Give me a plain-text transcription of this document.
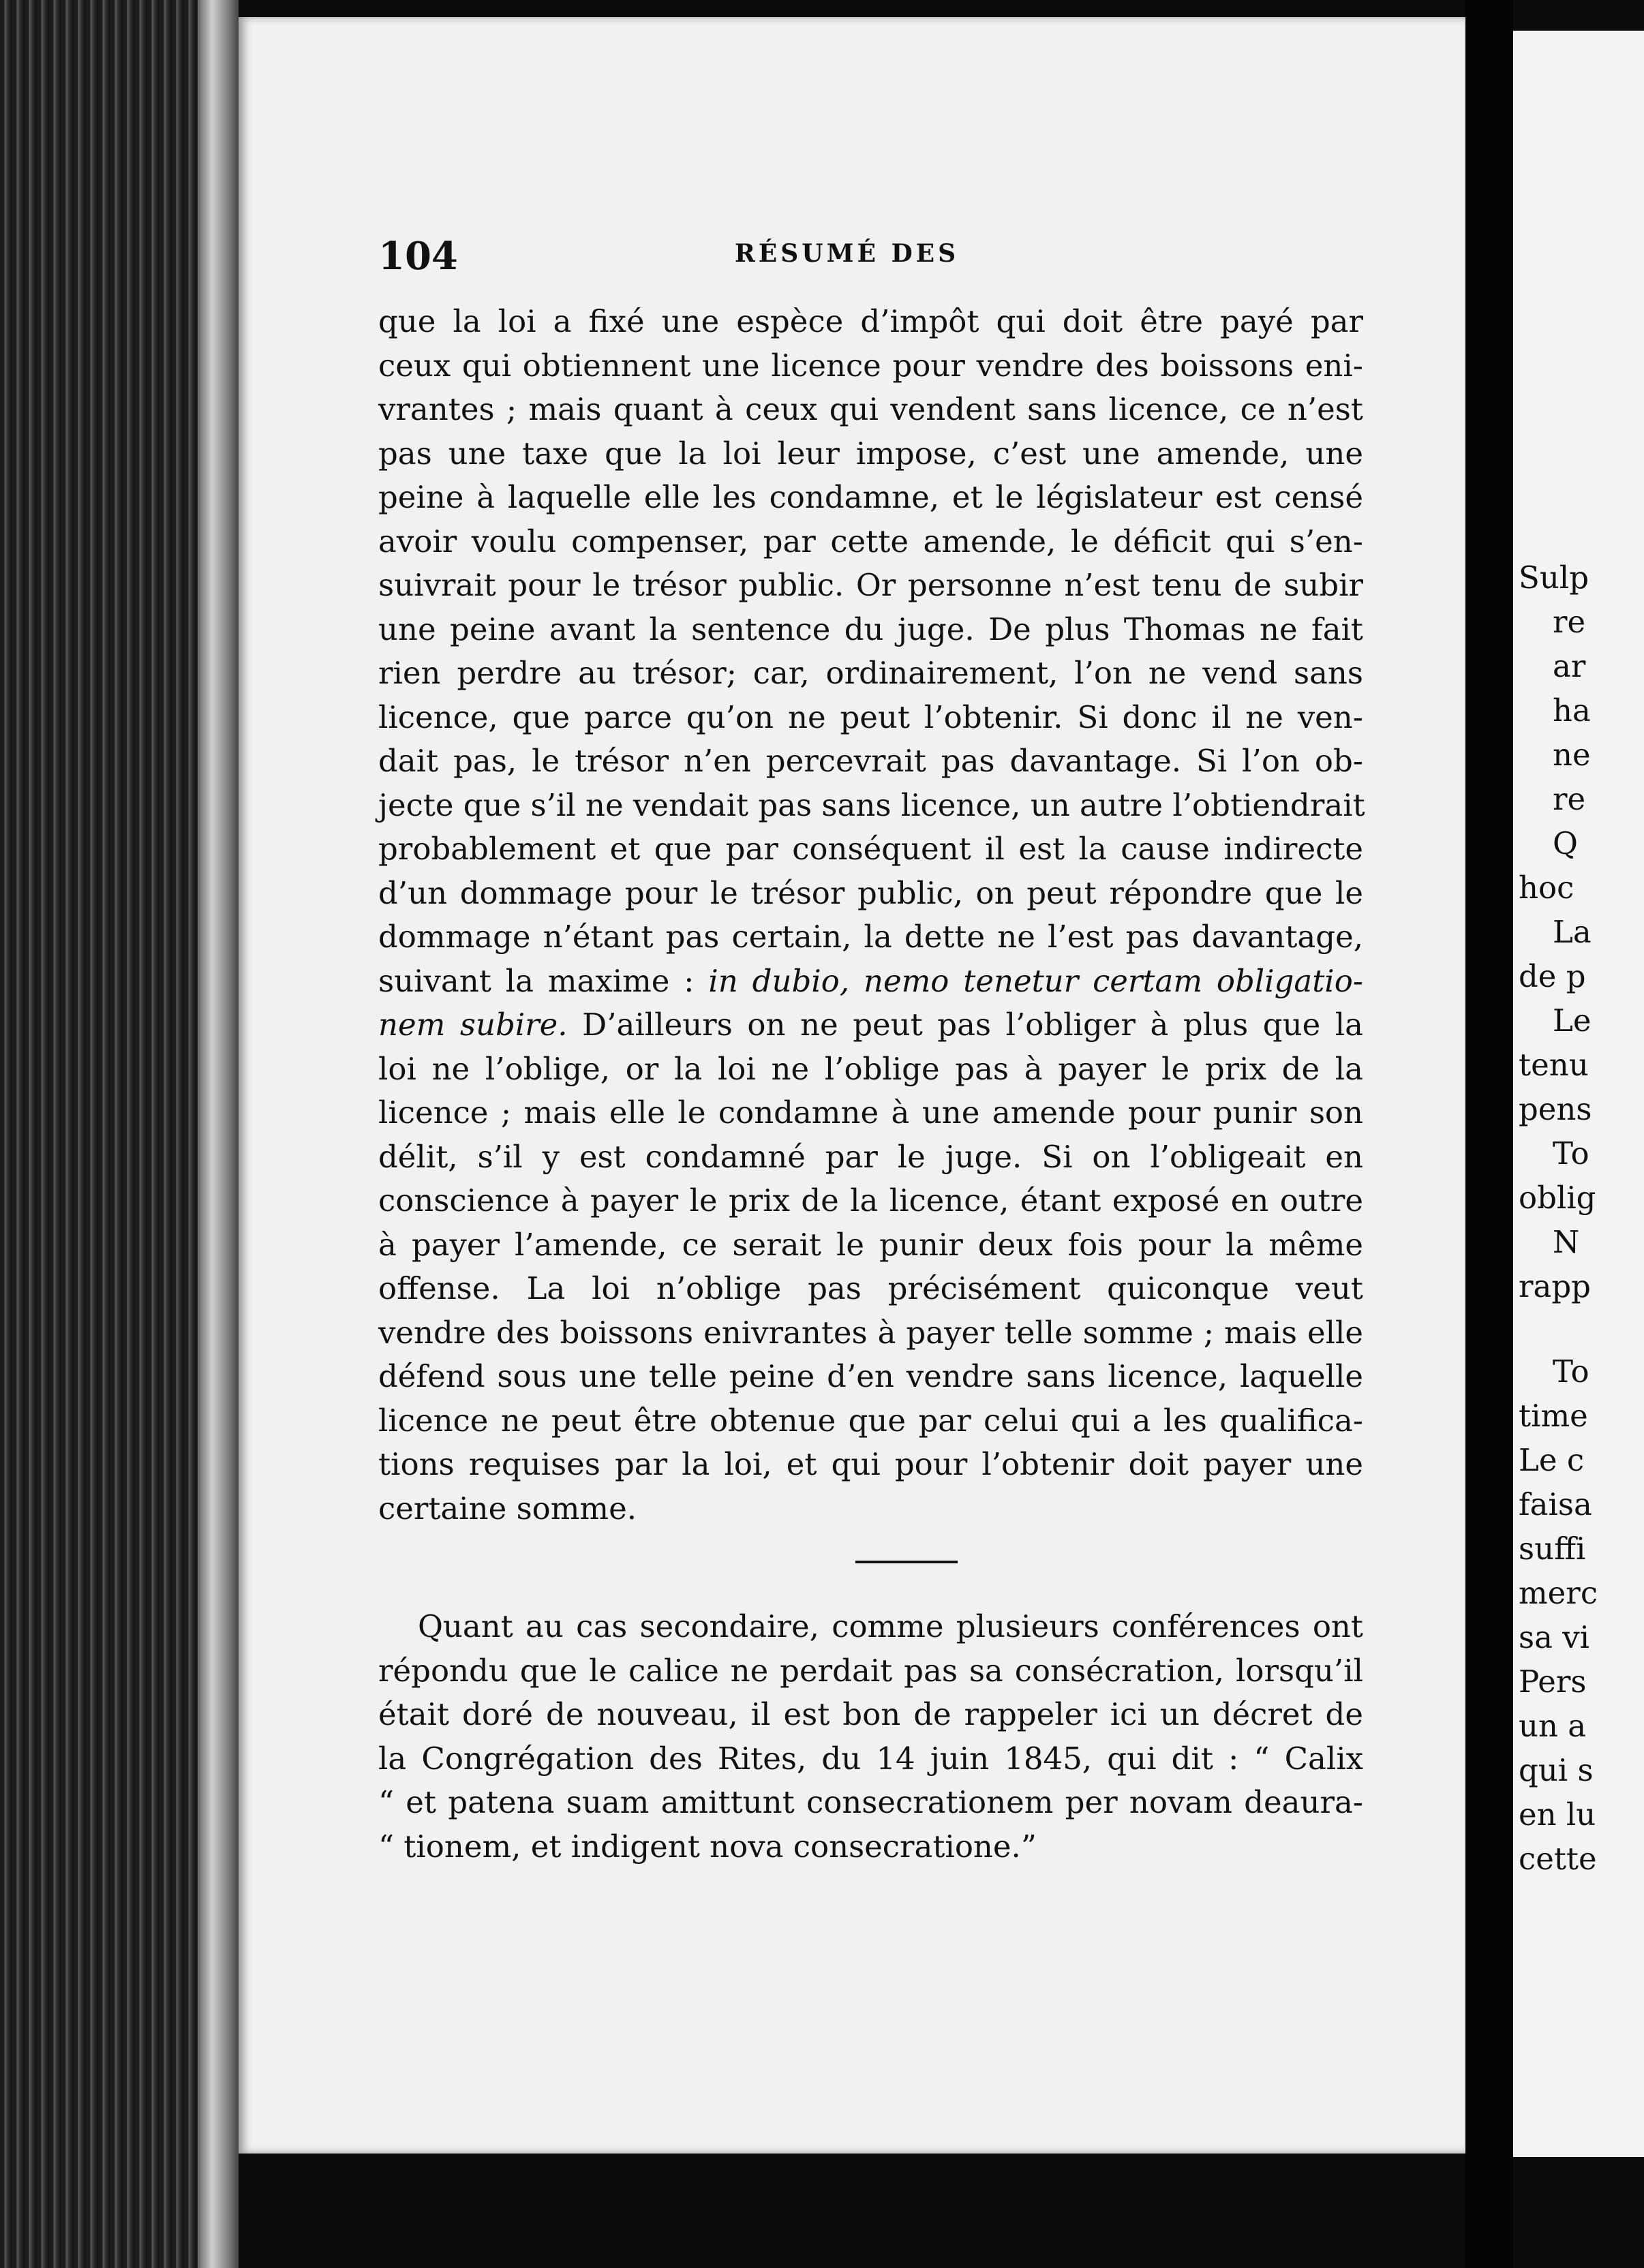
104	RÉSUMÉ DES
que la loi a fixé une espèce d’impôt qui doit être payé par
ceux qui obtiennent une licence pour vendre des boissons eni-
vrantes ; mais quant à ceux qui vendent sans licence, ce n’est
pas une taxe que la loi leur impose, c’est une amende, une
peine à laquelle elle les condamne, et le législateur est censé
avoir voulu compenser, par cette amende, le déficit qui s’en-
suivrait pour le trésor public. Or personne n’est tenu de subir
une peine avant la sentence du juge. De plus Thomas ne fait
rien perdre au trésor; car, ordinairement, l’on ne vend sans
licence, que parce qu’on ne peut l’obtenir. Si donc il ne ven-
dait pas, le trésor n’en percevrait pas davantage. Si l’on ob-
jecte que s’il ne vendait pas sans licence, un autre l’obtiendrait
probablement et que par conséquent il est la cause indirecte
d’un dommage pour le trésor public, on peut répondre que le
dommage n’étant pas certain, la dette ne l’est pas davantage,
suivant la maxime : in dubio, nemo tenetur certam obligatio-
nem subire. D’ailleurs on ne peut pas l’obliger à plus que la
loi ne l’oblige, or la loi ne l’oblige pas à payer le prix de la
licence ; mais elle le condamne à une amende pour punir son
délit, s’il y est condamné par le juge. Si on l’obligeait en
conscience à payer le prix de la licence, étant exposé en outre
à payer l’amende, ce serait le punir deux fois pour la même
offense. La loi n’oblige pas précisément quiconque veut
vendre des boissons enivrantes à payer telle somme ; mais elle
défend sous une telle peine d’en vendre sans licence, laquelle
licence ne peut être obtenue que par celui qui a les qualifica-
tions requises par la loi, et qui pour l’obtenir doit payer une
certaine somme.
Quant au cas secondaire, comme plusieurs conférences ont
répondu que le calice ne perdait pas sa consécration, lorsqu’il
était doré de nouveau, il est bon de rappeler ici un décret de
la Congrégation des Rites, du 14 juin 1845, qui dit : “ Calix
“ et patena suam amittunt consecrationem per novam deaura-
“ tionem, et indigent nova consecratione.”
Sulp
re
ar
ha
ne
re
Q
hoc
La
de p
Le
tenu
pens
To
oblig
N
rapp
To
time
Le c
faisa
suffi
merc
sa vi
Pers
un a
qui s
en lu
cette
